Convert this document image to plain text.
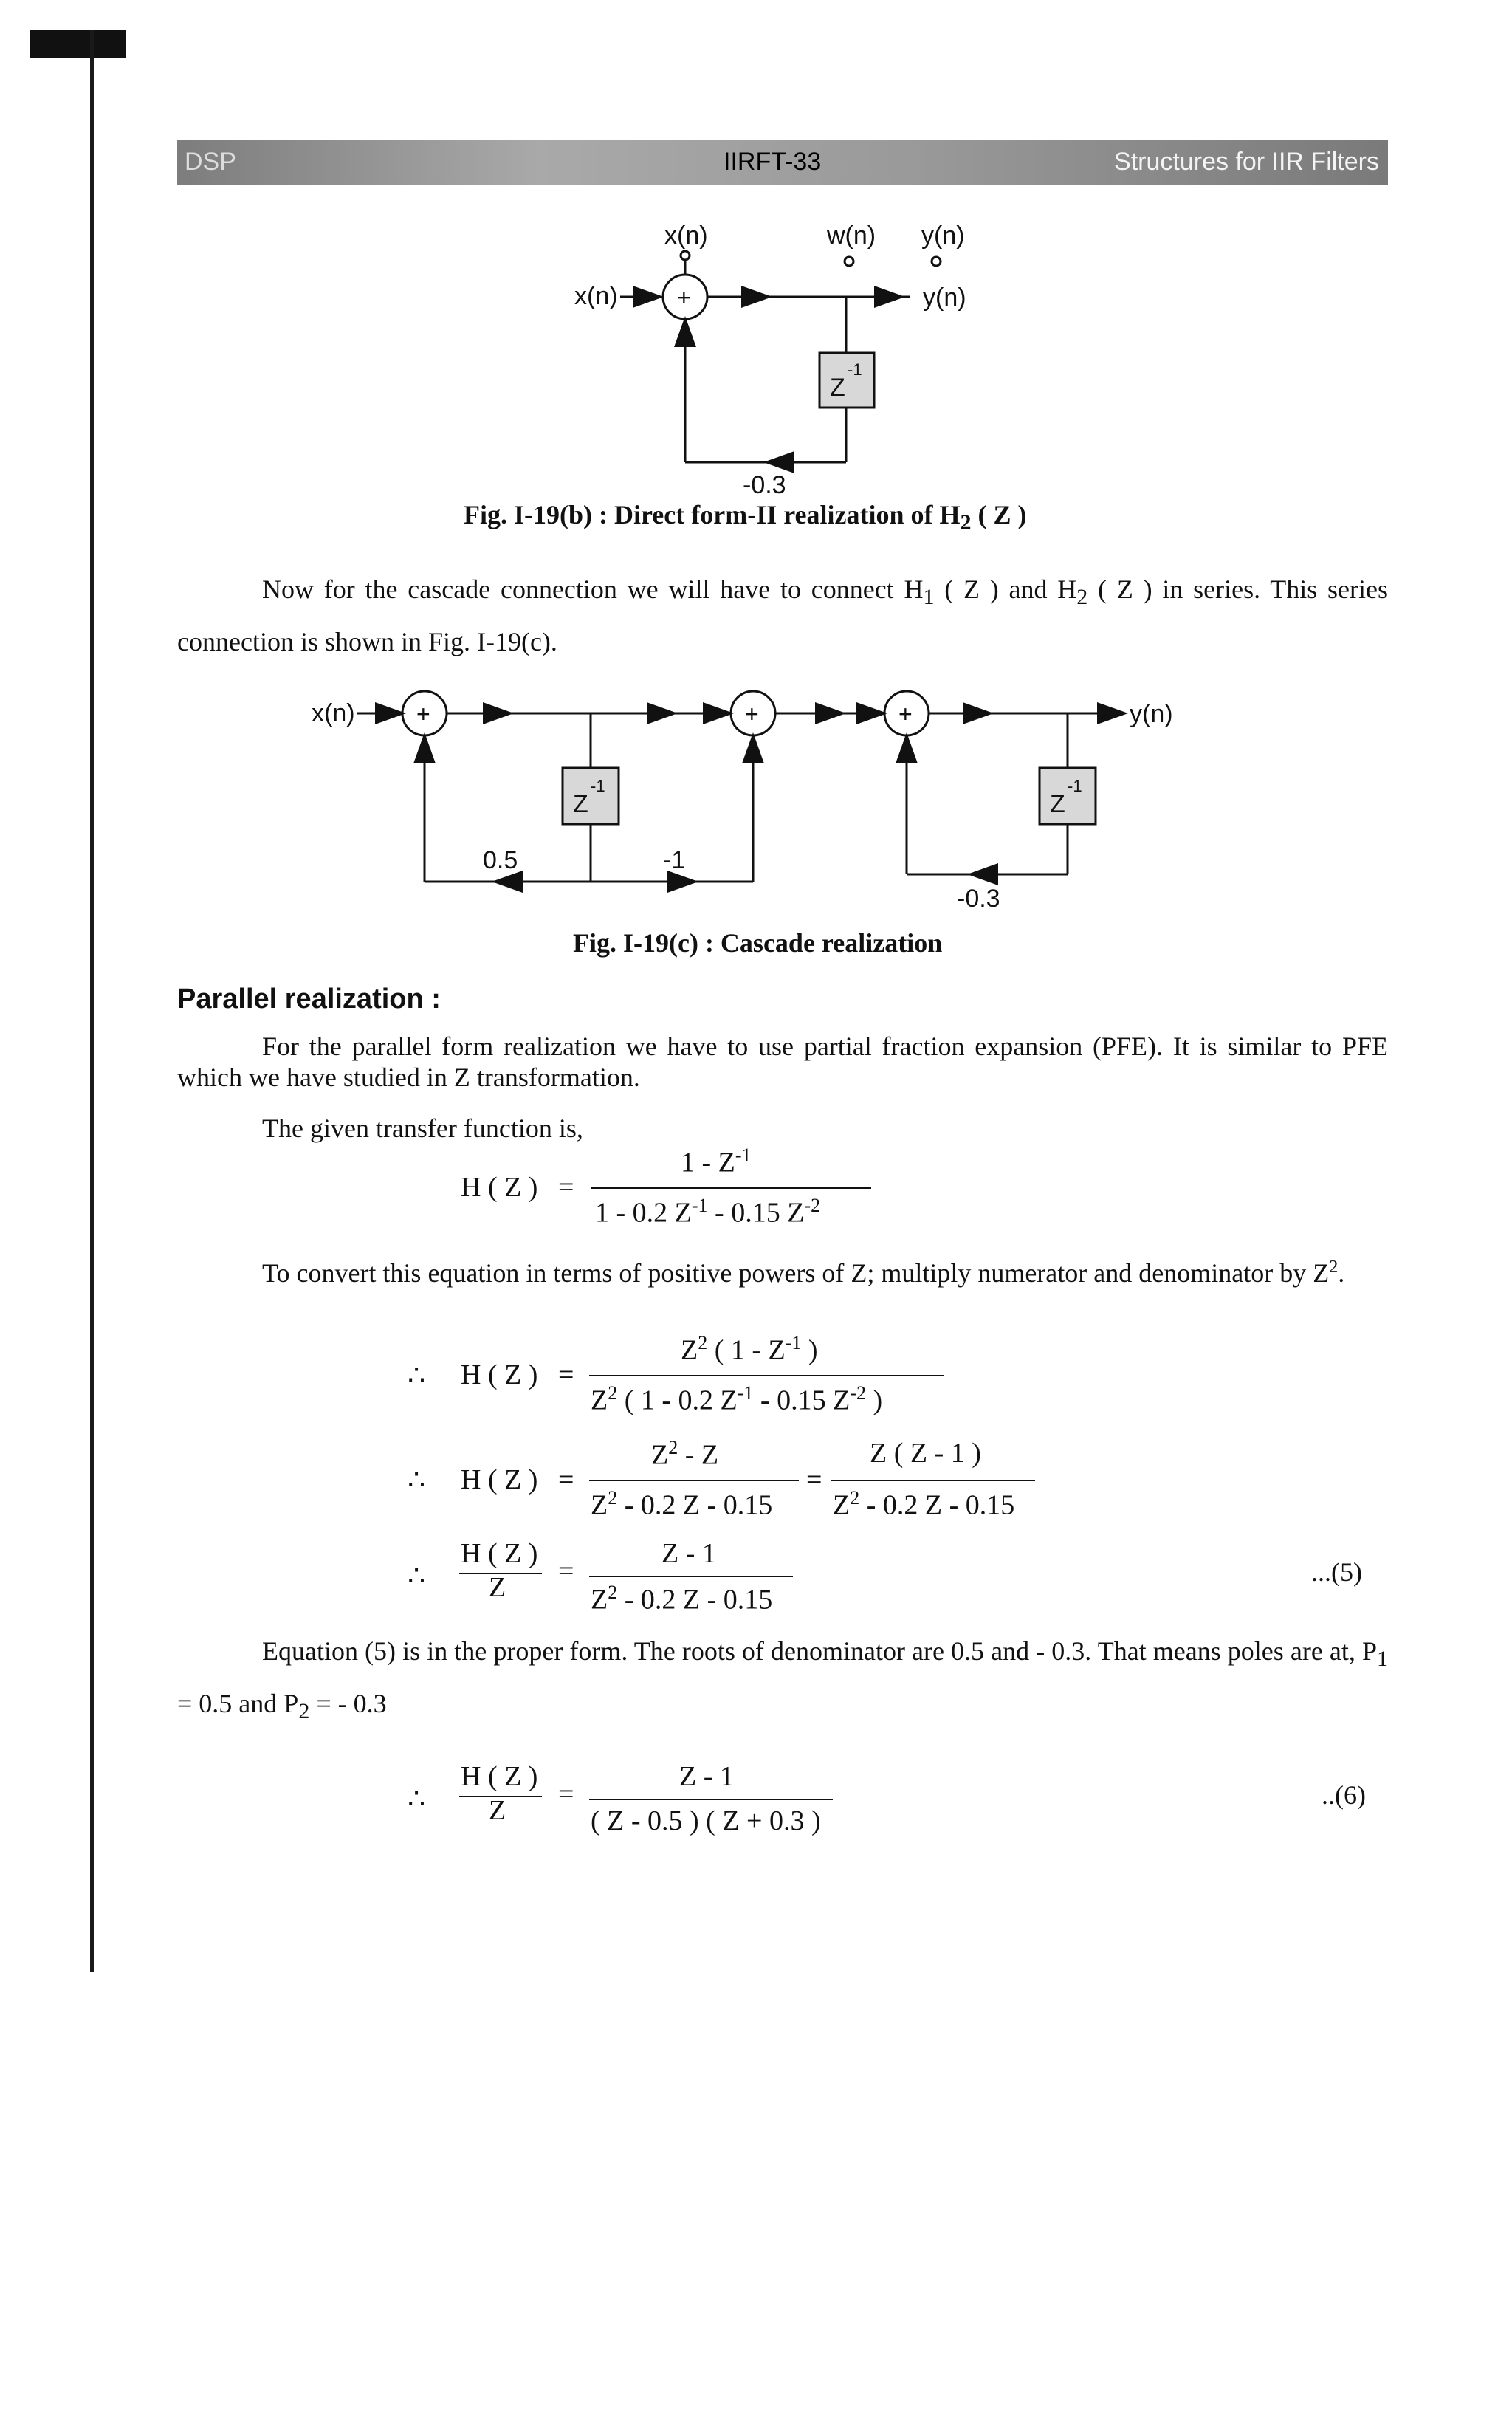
DSP	IIRFT-33	Structures for IIR Filters
x(n)	w(n) y(n)
x(n)	+	y(n)
Z
-1
-0.3
x(n)	+	+	+	y(n)
Z
-1
0.5	-1
Z
-1
-0.3
Fig. I-19(b) : Direct form-II realization of $H_2$ ( Z )
Now for the cascade connection we will have to connect $H_1$ ( Z ) and $H_2$ ( Z ) in series. This series connection is shown in Fig. I-19(c).
Fig. I-19(c) : Cascade realization
Parallel realization :
For the parallel form realization we have to use partial fraction expansion (PFE). It is similar to PFE which we have studied in Z transformation.
The given transfer function is,
H ( Z ) =
$1 - Z^{-1}$
1 - 0.2 $Z^{-1} - 0.15$ $Z^{-2}$
To convert this equation in terms of positive powers of Z; multiply numerator and denominator by $Z^2$.
∴ H ( Z ) =
$Z^2$ ( $1 - Z^{-1}$ )
$Z^2$ ( 1 - 0.2 $Z^{-1} - 0.15$ $Z^{-2}$ )
∴ H ( Z ) =
$Z^2$ - Z
$Z^2 - 0.2$ Z - 0.15
=
Z ( Z - 1 )
$Z^2 - 0.2$ Z - 0.15
∴
H ( Z )
Z
=
Z - 1
$Z^2 - 0.2$ Z - 0.15
...(5)
Equation (5) is in the proper form. The roots of denominator are 0.5 and - 0.3. That means poles are at, $P_1 = 0.5$ and $P_2$ = - 0.3
∴
H ( Z )
Z
=
Z - 1
( Z - 0.5 ) ( Z + 0.3 )
..(6)
